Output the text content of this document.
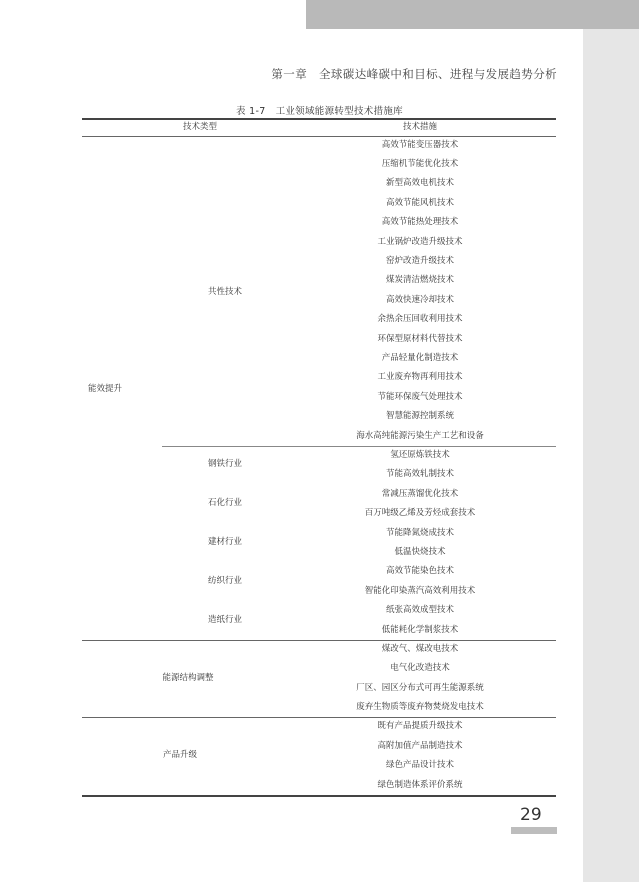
第一章　全球碳达峰碳中和目标、进程与发展趋势分析
表 1-7 工业领域能源转型技术措施库
技术类型	技术措施
能效提升
能源结构调整
产品升级
共性技术
钢铁行业
石化行业
建材行业
纺织行业
造纸行业
高效节能变压器技术
压缩机节能优化技术
新型高效电机技术
高效节能风机技术
高效节能热处理技术
工业锅炉改造升级技术
窑炉改造升级技术
煤炭清洁燃烧技术
高效快速冷却技术
余热余压回收利用技术
环保型原材料代替技术
产品轻量化制造技术
工业废弃物再利用技术
节能环保废气处理技术
智慧能源控制系统
海水高纯能源污染生产工艺和设备
氢还原炼铁技术
节能高效轧制技术
常减压蒸馏优化技术
百万吨级乙烯及芳烃成套技术
节能降氮烧成技术
低温快烧技术
高效节能染色技术
智能化印染蒸汽高效利用技术
纸张高效成型技术
低能耗化学制浆技术
煤改气、煤改电技术
电气化改造技术
厂区、园区分布式可再生能源系统
废弃生物质等废弃物焚烧发电技术
既有产品提质升级技术
高附加值产品制造技术
绿色产品设计技术
绿色制造体系评价系统
29
